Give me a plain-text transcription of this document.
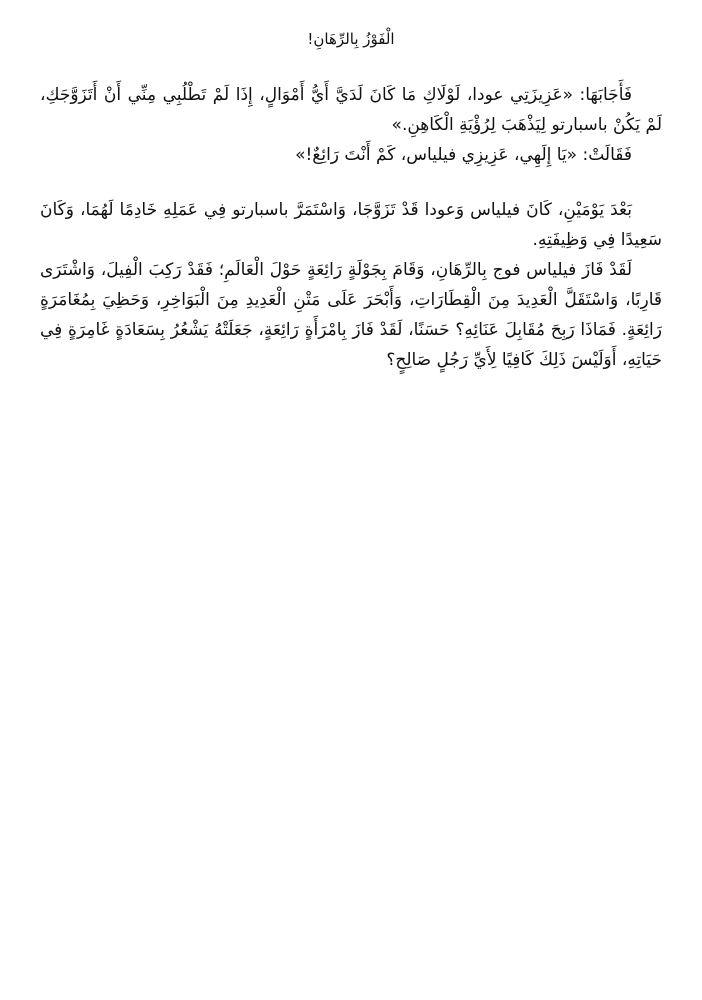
الْفَوْزُ بِالرِّهَانِ!

فَأَجَابَهَا: «عَزِيزَتِي عودا، لَوْلَاكِ مَا كَانَ لَدَيَّ أَيُّ أَمْوَالٍ، إِذَا لَمْ تَطْلُبِي مِنِّي أَنْ أَتَزَوَّجَكِ، لَمْ يَكُنْ باسبارتو لِيَذْهَبَ لِرُؤْيَةِ الْكَاهِنِ.»

فَقَالَتْ: «يَا إِلَهِي، عَزِيزِي فيلياس، كَمْ أَنْتَ رَائِعٌ!»

بَعْدَ يَوْمَيْنِ، كَانَ فيلياس وَعودا قَدْ تَزَوَّجَا، وَاسْتَمَرَّ باسبارتو فِي عَمَلِهِ خَادِمًا لَهُمَا، وَكَانَ سَعِيدًا فِي وَظِيفَتِهِ.

لَقَدْ فَازَ فيلياس فوج بِالرِّهَانِ، وَقَامَ بِجَوْلَةٍ رَائِعَةٍ حَوْلَ الْعَالَمِ؛ فَقَدْ رَكِبَ الْفِيلَ، وَاشْتَرَى قَارِبًا، وَاسْتَقَلَّ الْعَدِيدَ مِنَ الْقِطَارَاتِ، وَأَبْحَرَ عَلَى مَتْنِ الْعَدِيدِ مِنَ الْبَوَاخِرِ، وَحَظِيَ بِمُغَامَرَةٍ رَائِعَةٍ. فَمَاذَا رَبِحَ مُقَابِلَ عَنَائِهِ؟ حَسَنًا، لَقَدْ فَازَ بِامْرَأَةٍ رَائِعَةٍ، جَعَلَتْهُ يَشْعُرُ بِسَعَادَةٍ غَامِرَةٍ فِي حَيَاتِهِ، أَوَلَيْسَ ذَلِكَ كَافِيًا لِأَيِّ رَجُلٍ صَالِحٍ؟
